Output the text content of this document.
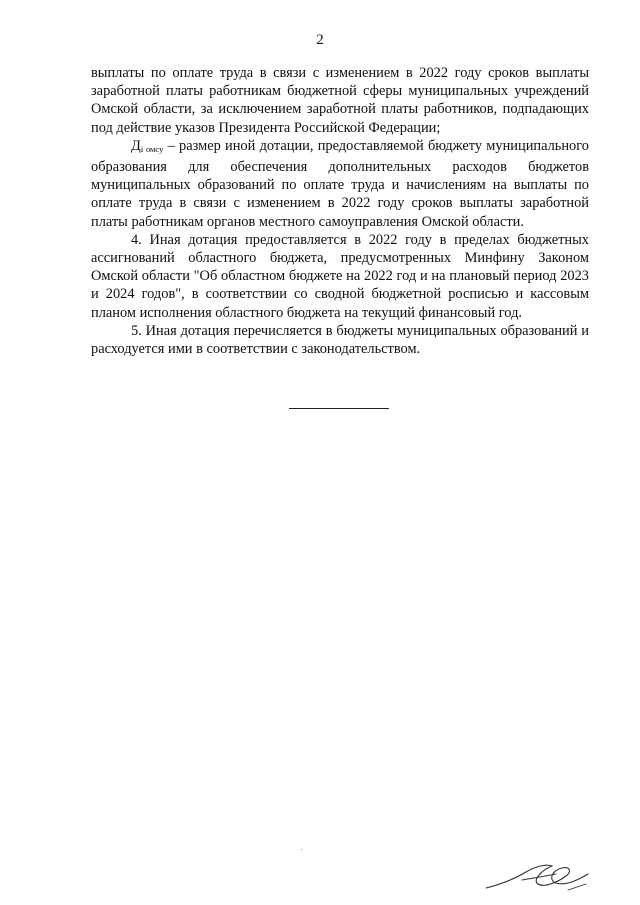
2

выплаты по оплате труда в связи с изменением в 2022 году сроков выплаты заработной платы работникам бюджетной сферы муниципальных учреждений Омской области, за исключением заработной платы работников, подпадающих под действие указов Президента Российской Федерации;

$Д_{i омсу}$ – размер иной дотации, предоставляемой бюджету муниципального образования для обеспечения дополнительных расходов бюджетов муниципальных образований по оплате труда и начислениям на выплаты по оплате труда в связи с изменением в 2022 году сроков выплаты заработной платы работникам органов местного самоуправления Омской области.

4. Иная дотация предоставляется в 2022 году в пределах бюджетных ассигнований областного бюджета, предусмотренных Минфину Законом Омской области "Об областном бюджете на 2022 год и на плановый период 2023 и 2024 годов", в соответствии со сводной бюджетной росписью и кассовым планом исполнения областного бюджета на текущий финансовый год.

5. Иная дотация перечисляется в бюджеты муниципальных образований и расходуется ими в соответствии с законодательством.
